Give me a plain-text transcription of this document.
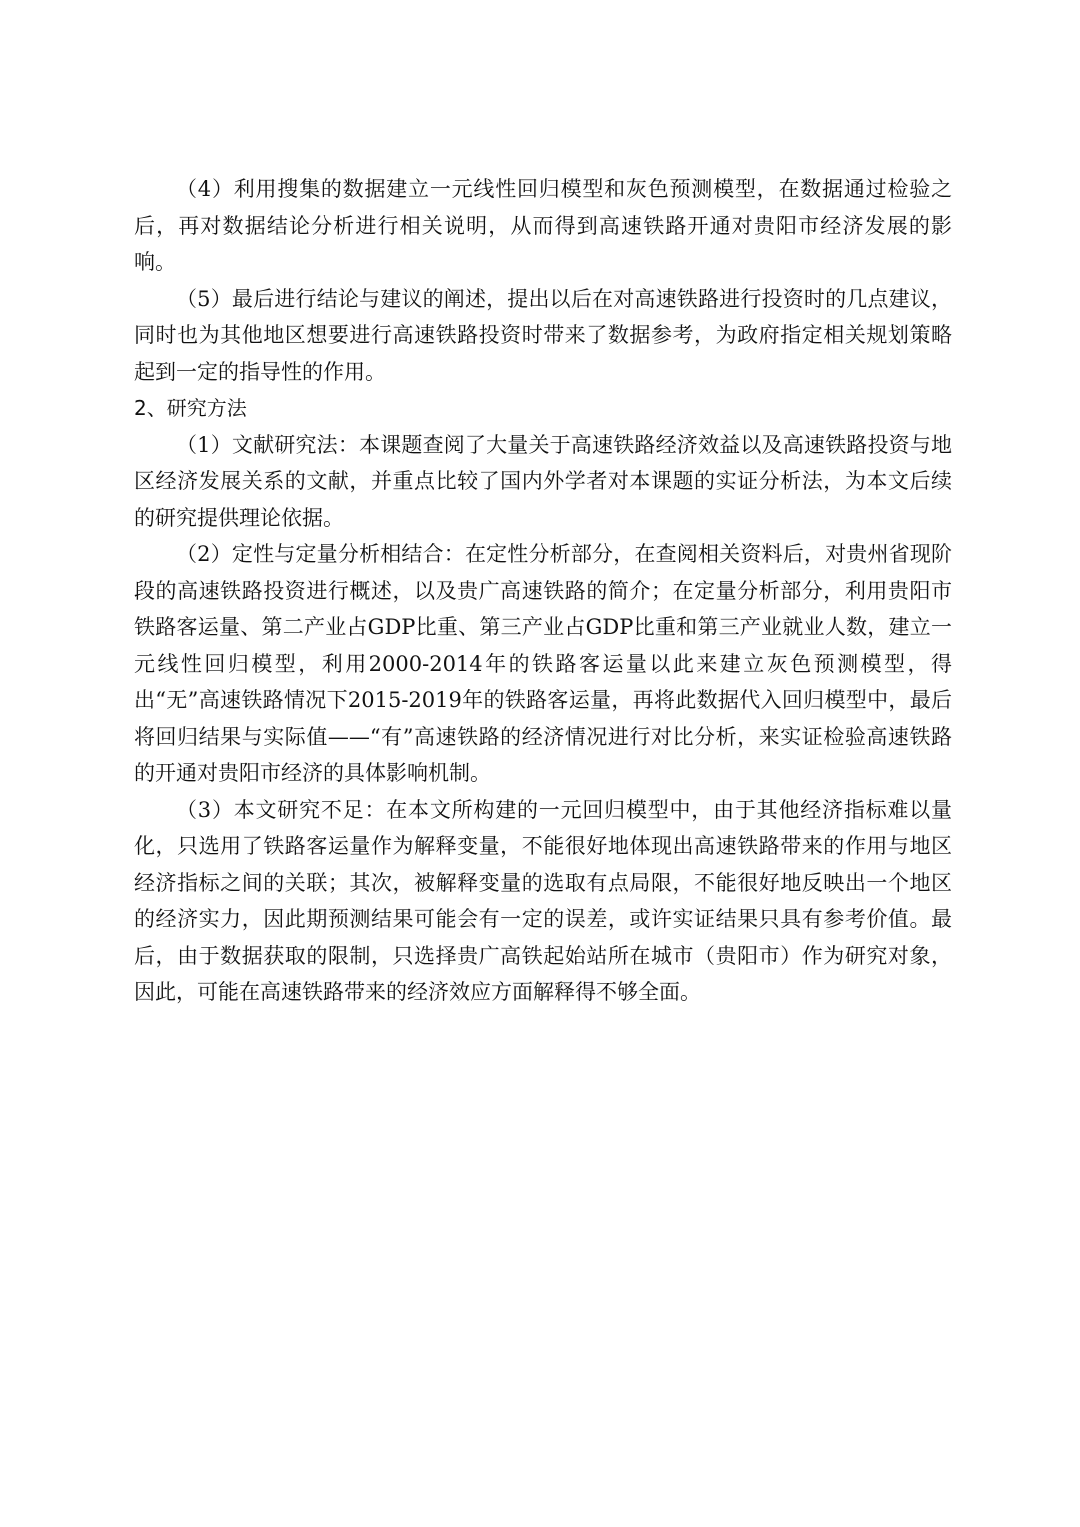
（4）利用搜集的数据建立一元线性回归模型和灰色预测模型，在数据通过检验之后，再对数据结论分析进行相关说明，从而得到高速铁路开通对贵阳市经济发展的影响。

（5）最后进行结论与建议的阐述，提出以后在对高速铁路进行投资时的几点建议，同时也为其他地区想要进行高速铁路投资时带来了数据参考，为政府指定相关规划策略起到一定的指导性的作用。

2、研究方法

（1）文献研究法：本课题查阅了大量关于高速铁路经济效益以及高速铁路投资与地区经济发展关系的文献，并重点比较了国内外学者对本课题的实证分析法，为本文后续的研究提供理论依据。

（2）定性与定量分析相结合：在定性分析部分，在查阅相关资料后，对贵州省现阶段的高速铁路投资进行概述，以及贵广高速铁路的简介；在定量分析部分，利用贵阳市铁路客运量、第二产业占GDP比重、第三产业占GDP比重和第三产业就业人数，建立一元线性回归模型，利用2000-2014年的铁路客运量以此来建立灰色预测模型，得出“无”高速铁路情况下2015-2019年的铁路客运量，再将此数据代入回归模型中，最后将回归结果与实际值——“有”高速铁路的经济情况进行对比分析，来实证检验高速铁路的开通对贵阳市经济的具体影响机制。

（3）本文研究不足：在本文所构建的一元回归模型中，由于其他经济指标难以量化，只选用了铁路客运量作为解释变量，不能很好地体现出高速铁路带来的作用与地区经济指标之间的关联；其次，被解释变量的选取有点局限，不能很好地反映出一个地区的经济实力，因此期预测结果可能会有一定的误差，或许实证结果只具有参考价值。最后，由于数据获取的限制，只选择贵广高铁起始站所在城市（贵阳市）作为研究对象，因此，可能在高速铁路带来的经济效应方面解释得不够全面。
